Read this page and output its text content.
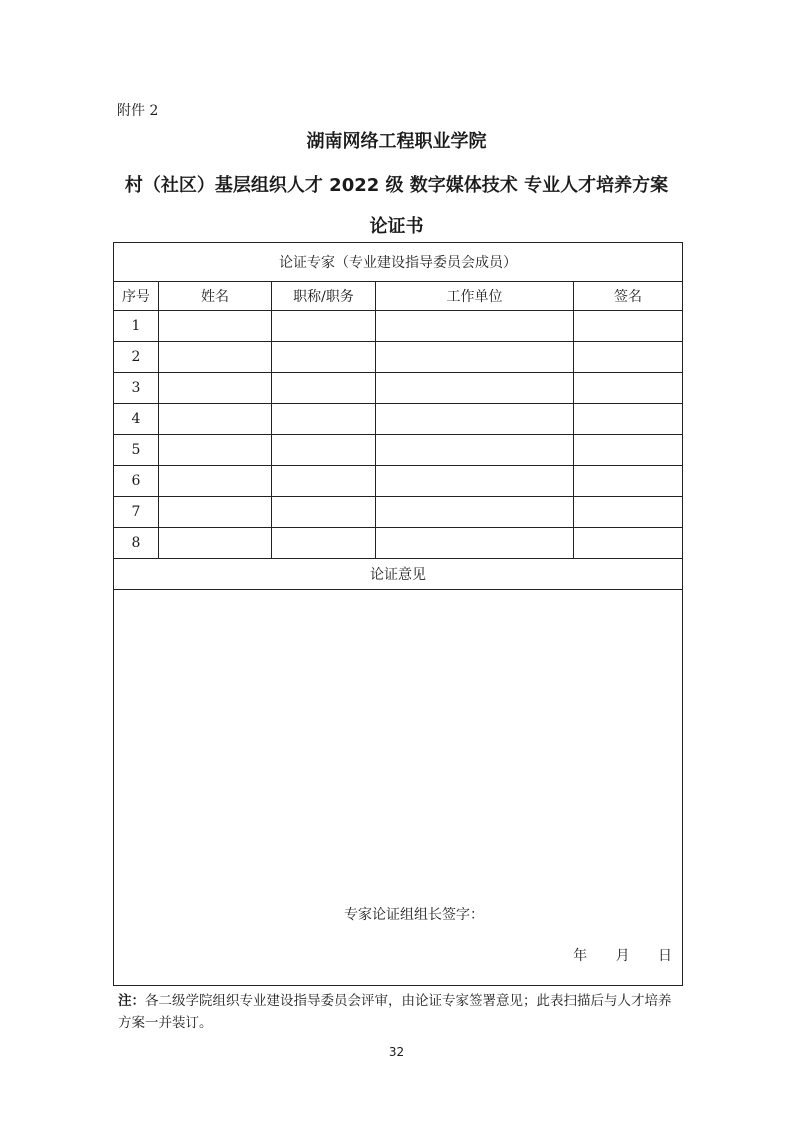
附件 2
湖南网络工程职业学院
村（社区）基层组织人才 2022 级 数字媒体技术 专业人才培养方案
论证书
论证专家（专业建设指导委员会成员）				
序号	姓名	职称/职务	工作单位	签名
1				
2				
3				
4				
5				
6				
7				
8				
论证意见				

专家论证组组长签字：
年 月 日				
注：各二级学院组织专业建设指导委员会评审，由论证专家签署意见；此表扫描后与人才培养方案一并装订。
32
